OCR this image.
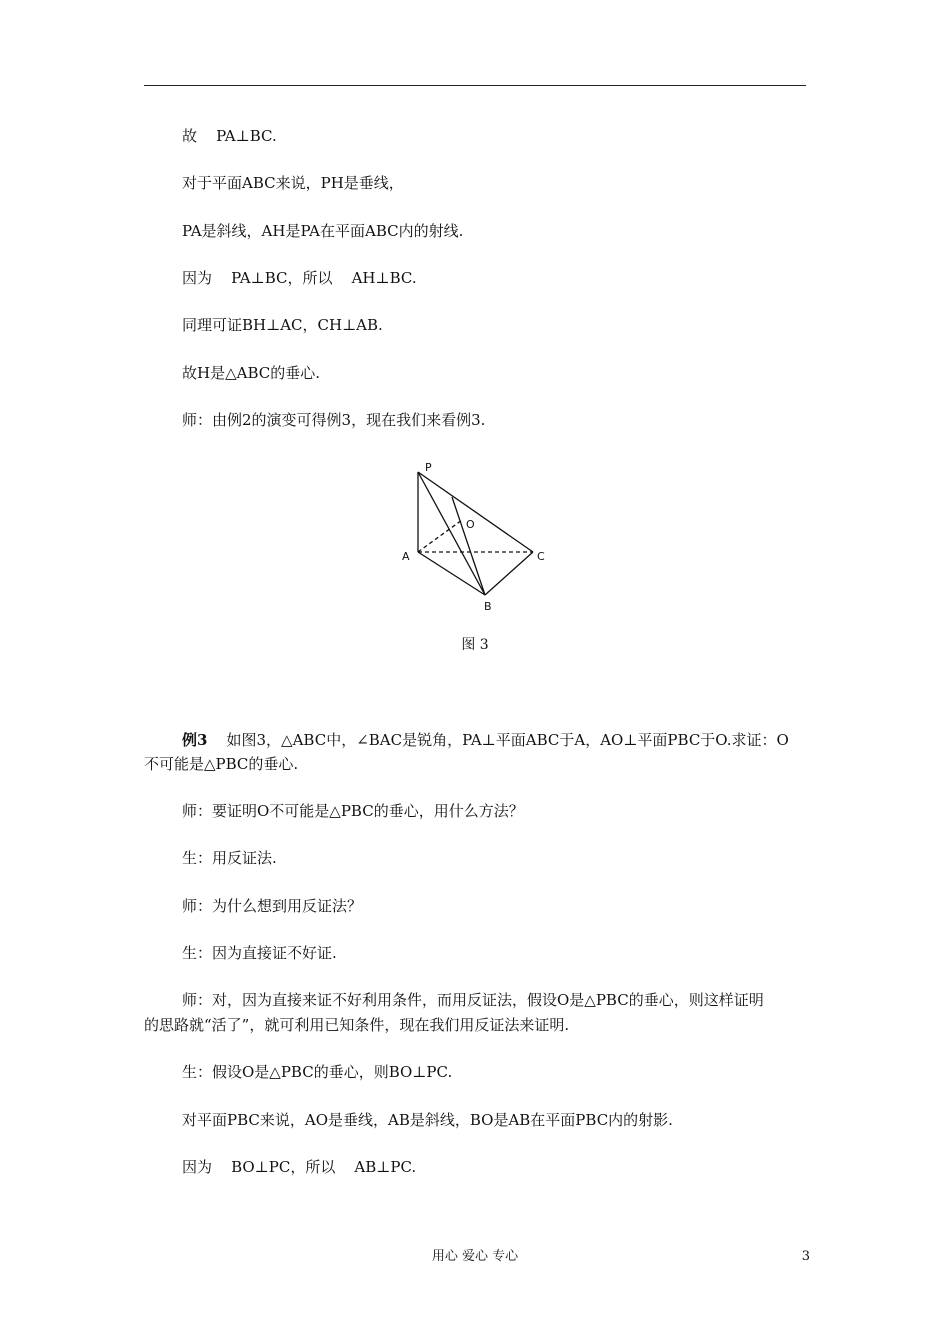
故    PA⊥BC.
对于平面ABC来说，PH是垂线，
PA是斜线，AH是PA在平面ABC内的射线.
因为    PA⊥BC，所以    AH⊥BC.
同理可证BH⊥AC，CH⊥AB.
故H是△ABC的垂心.
师：由例2的演变可得例3，现在我们来看例3.
P
O
A	C
B
图 3
例3    如图3，△ABC中，∠BAC是锐角，PA⊥平面ABC于A，AO⊥平面PBC于O.求证：O
不可能是△PBC的垂心.
师：要证明O不可能是△PBC的垂心，用什么方法？
生：用反证法.
师：为什么想到用反证法？
生：因为直接证不好证.
师：对，因为直接来证不好利用条件，而用反证法，假设O是△PBC的垂心，则这样证明
的思路就“活了”，就可利用已知条件，现在我们用反证法来证明.
生：假设O是△PBC的垂心，则BO⊥PC.
对平面PBC来说，AO是垂线，AB是斜线，BO是AB在平面PBC内的射影.
因为    BO⊥PC，所以    AB⊥PC.
用心 爱心 专心	3
